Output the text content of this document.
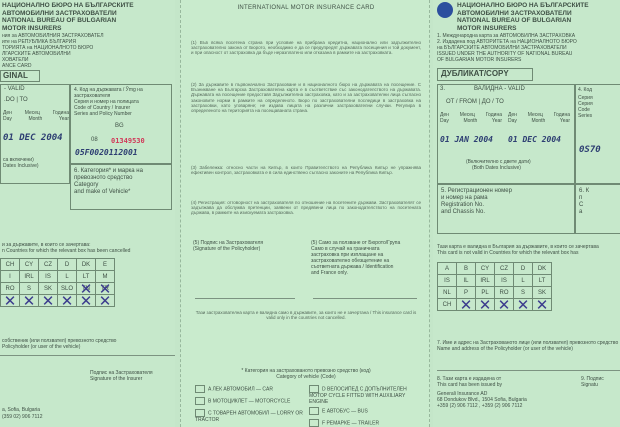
НАЦИОНАЛНО БЮРО НА БЪЛГАРСКИТЕ
АВТОМОБИЛНИ ЗАСТРАХОВАТЕЛИ
NATIONAL BUREAU OF BULGARIAN
MOTOR INSURERS
ния за АВТОМОБИЛНИЯ ЗАСТРАХОВАТЕЛ
ите на РЕПУБЛИКА БЪЛГАРИЯ
ТОРИЯТА на НАЦИОНАЛНОТО БЮРО
ЛГАРСКИТЕ АВТОМОБИЛНИ
ХОВАТЕЛИ
ANCE CARD
GINAL
- VALID
.DO | TO
Ден	Месец	Година
Day	Month	Year
01 DEC 2004
са включени)
Dates Inclusive)
4. Код на държавата / Ўmg на застрахователя
Серия и номер на полицата
Code of Country / Insurer
Series and Policy Number
BG
08 01349530
05F0020112001
6. Категория* и марка на
превозното средство
Category
and make of Vehicle*
и за държавите, в които се зачертава:
n Countries for which the relevant box has been cancelled
CH	CY	CZ	D	DK	E
I	IRL	IS	L	LT	M
RO	S	SK	SLO	TN ✕	TR ✕
✕	✕	✕	✕	✕	✕
собственик (или ползвател) превозното средство
Policyholder (or user of the vehicle)
Подпис на Застрахователя
Signature of the Insurer
a, Sofia, Bulgaria
(359 02) 906 7112
INTERNATIONAL MOTOR INSURANCE CARD
(1) Във всяка посетена страна при условие на прибрана кредитна, национално или задължително застрахователно закона от Бюрото, необходимо е да се предупредят държавата посещения и той документ, и при опасност от застраховка да бъде неразплатено или отказана в рамките на застраховката.
(2) За държавите в първоначално Застраховане и в националното бюро на държавата на посещение. С Възникване на Българска Застрахователна карта е в съответствие със законодателството на държавата. Държавата на посещение предоставя Задължителна застраховка, като и за застрахователни лица съгласно законовите норми в рамките на определеното. Бюро по застрахователни последици в застраховка на застраховки, като уговаряне; не издава лицата на различни застрахователни случаи. Регулира в определеното на територията на посещаваната страна.
(3) Забележка: относно части на Кипър, в които Правителството на Република Кипър не упражнява ефективен контрол, застраховката е в сила единствено съгласно законите на Република Кипър.
(4) Регистрация: отговорност на застрахователя по отношение на посетените държави. Застрахователят се задължава да обслужва претенции, заявени от предявени лица по законодателството на посетената държава, в рамките на изискуемата застраховка.
(5) Подпис на Застрахователя
(Signature of the Policyholder)
(5) Само за ползване от Бюрото/Група
Само в случай на граничната
застраховка при изплащане на
застрахователно обезщетение на
съответната държава / Identification
and France only.
Тази застрахователна карта е валидна само в държавите, за които не е зачертана / This insurance card is valid only in the countries not cancelled.
* Категория на застрахованото превозно средство (код)
Category of vehicle (Code)
A ЛЕК АВТОМОБИЛ — CAR
B МОТОЦИКЛЕТ — MOTORCYCLE
C ТОВАРЕН АВТОМОБИЛ — LORRY OR TRACTOR
D ВЕЛОСИПЕД С ДОПЪЛНИТЕЛЕН МОТОР CYCLE FITTED WITH AUXILIARY ENGINE
E АВТОБУС — BUS
F РЕМАРКЕ — TRAILER
НАЦИОНАЛНО БЮРО НА БЪЛГАРСКИТЕ
АВТОМОБИЛНИ ЗАСТРАХОВАТЕЛИ
NATIONAL BUREAU OF BULGARIAN
MOTOR INSURERS
1. Международна карта за АВТОМОБИЛНА ЗАСТРАХОВКА
2. Издадена под АВТОРИТЕТА на НАЦИОНАЛНОТО БЮРО
на БЪЛГАРСКИТЕ АВТОМОБИЛНИ ЗАСТРАХОВАТЕЛИ
ISSUED UNDER THE AUTHORITY OF NATIONAL BUREAU
OF BULGARIAN MOTOR INSURERS
ДУБЛИКАТ/COPY
3.	ВАЛИДНА - VALID
OT / FROM | ДО / TO
Ден Месец Година
Day	Month	Year
Ден Месец Година
Day	Month	Year
01 JAN 2004 01 DEC 2004
(Включително с двете дати)
(Both Dates Inclusive)
4. Код
Cерия
Серия
Code
Series
0S70
5. Регистрационен номер
и номер на рама
Registration No.
and Chassis No.
6. К
п
C
a
Тази карта е валидна в България за държавите, в които се зачертава
This card is not valid in Countries for which the relevant box has
A	B	CY	CZ	D	DK
IS	IL	IRL	IS	L	LT
NL	P	PL	RO	S	SK
CH	✕	✕	✕	✕	✕
7. Име и адрес на Застрахованото лице (или ползвател) превозното средство
Name and address of the Policyholder (or user of the vehicle)
8. Тази карта е издадена от
This card has been issued by
Generali Insurance AD
68 Dondukov Blvd., 1504 Sofia, Bulgaria
+359 (2) 906 7112 , +359 (2) 906 7112
9. Подпис
Signatu
